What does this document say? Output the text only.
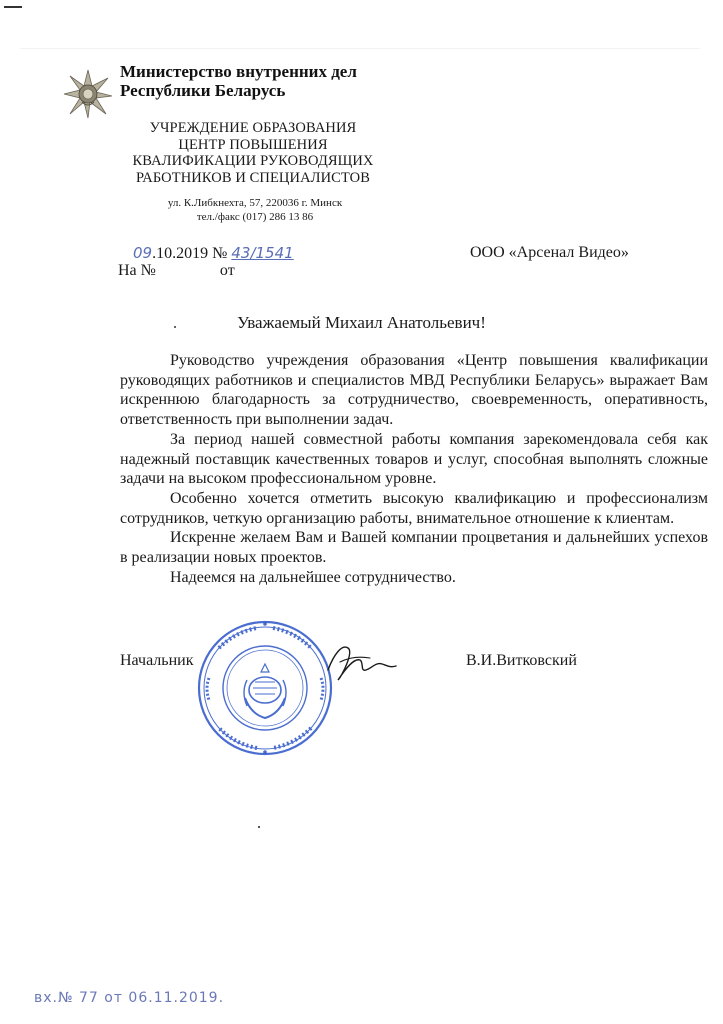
Министерство внутренних дел
Республики Беларусь
УЧРЕЖДЕНИЕ ОБРАЗОВАНИЯ
ЦЕНТР ПОВЫШЕНИЯ
КВАЛИФИКАЦИИ РУКОВОДЯЩИХ
РАБОТНИКОВ И СПЕЦИАЛИСТОВ
ул. К.Либкнехта, 57, 220036 г. Минск
тел./факс (017) 286 13 86
09.10.2019 № 43/1541	ООО «Арсенал Видео»
На №	от
Уважаемый Михаил Анатольевич!

Руководство учреждения образования «Центр повышения квалификации руководящих работников и специалистов МВД Республики Беларусь» выражает Вам искреннюю благодарность за сотрудничество, своевременность, оперативность, ответственность при выполнении задач.

За период нашей совместной работы компания зарекомендовала себя как надежный поставщик качественных товаров и услуг, способная выполнять сложные задачи на высоком профессиональном уровне.

Особенно хочется отметить высокую квалификацию и профессионализм сотрудников, четкую организацию работы, внимательное отношение к клиентам.

Искренне желаем Вам и Вашей компании процветания и дальнейших успехов в реализации новых проектов.

Надеемся на дальнейшее сотрудничество.

Начальник	В.И.Витковский
вх.№ 77 от 06.11.2019.
